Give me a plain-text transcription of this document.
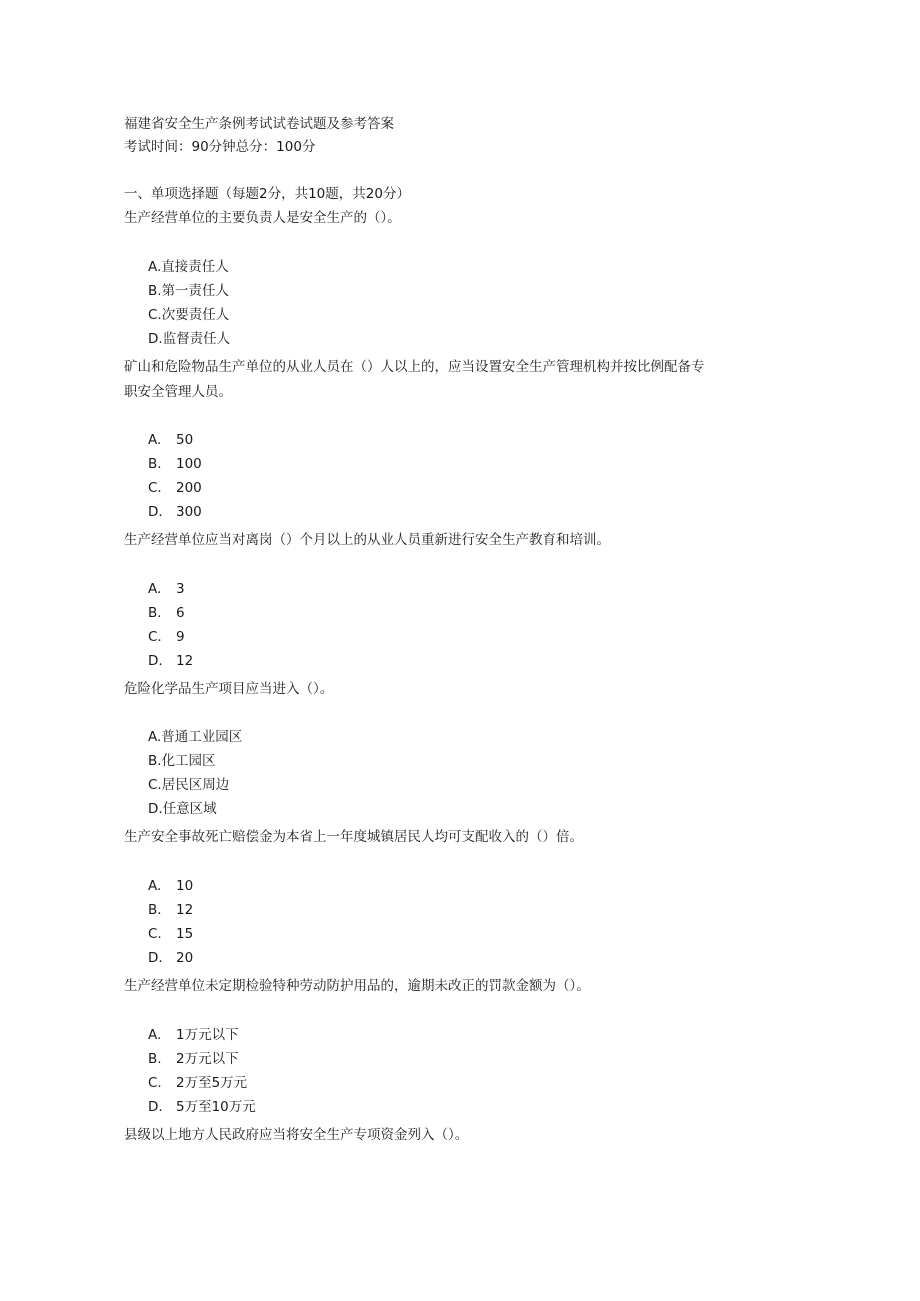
福建省安全生产条例考试试卷试题及参考答案
考试时间：90分钟总分：100分
一、单项选择题（每题2分，共10题，共20分）
生产经营单位的主要负责人是安全生产的（）。
A.直接责任人
B.第一责任人
C.次要责任人
D.监督责任人
矿山和危险物品生产单位的从业人员在（）人以上的，应当设置安全生产管理机构并按比例配备专
职安全管理人员。
A. 50
B. 100
C. 200
D. 300
生产经营单位应当对离岗（）个月以上的从业人员重新进行安全生产教育和培训。
A. 3
B. 6
C. 9
D. 12
危险化学品生产项目应当进入（）。
A.普通工业园区
B.化工园区
C.居民区周边
D.任意区域
生产安全事故死亡赔偿金为本省上一年度城镇居民人均可支配收入的（）倍。
A. 10
B. 12
C. 15
D. 20
生产经营单位未定期检验特种劳动防护用品的，逾期未改正的罚款金额为（）。
A. 1万元以下
B. 2万元以下
C. 2万至5万元
D. 5万至10万元
县级以上地方人民政府应当将安全生产专项资金列入（）。
